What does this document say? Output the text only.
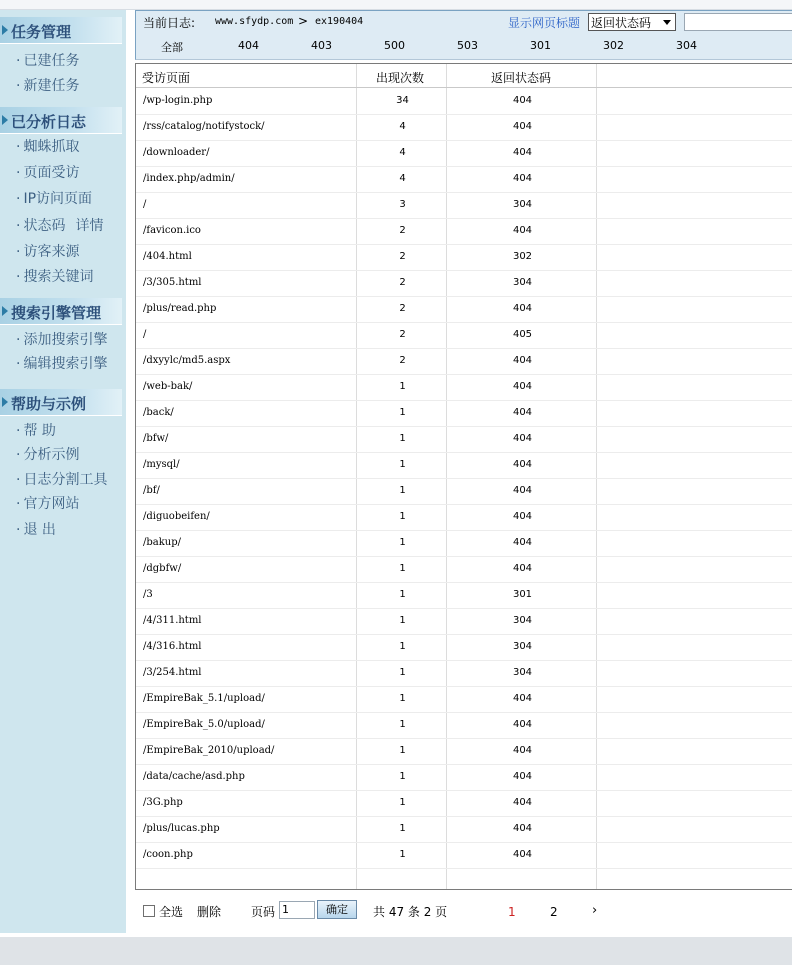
任务管理
· 已建任务
· 新建任务
已分析日志
· 蜘蛛抓取
· 页面受访
· IP访问页面
· 状态码 详情
· 访客来源
· 搜索关键词
搜索引擎管理
· 添加搜索引擎
· 编辑搜索引擎
帮助与示例
· 帮 助
· 分析示例
· 日志分割工具
· 官方网站
· 退 出
当前日志: www.sfydp.com > ex190404	显示网页标题 返回状态码
全部	404	403	500	503	301	302	304
受访页面	出现次数	返回状态码
/wp-login.php	34	404
/rss/catalog/notifystock/	4	404
/downloader/	4	404
/index.php/admin/	4	404
/	3	304
/favicon.ico	2	404
/404.html	2	302
/3/305.html	2	304
/plus/read.php	2	404
/	2	405
/dxyylc/md5.aspx	2	404
/web-bak/	1	404
/back/	1	404
/bfw/	1	404
/mysql/	1	404
/bf/	1	404
/diguobeifen/	1	404
/bakup/	1	404
/dgbfw/	1	404
/3	1	301
/4/311.html	1	304
/4/316.html	1	304
/3/254.html	1	304
/EmpireBak_5.1/upload/	1	404
/EmpireBak_5.0/upload/	1	404
/EmpireBak_2010/upload/	1	404
/data/cache/asd.php	1	404
/3G.php	1	404
/plus/lucas.php	1	404
/coon.php	1	404
全选 删除 页码 1	确定	共 47 条 2 页	1	2	›
